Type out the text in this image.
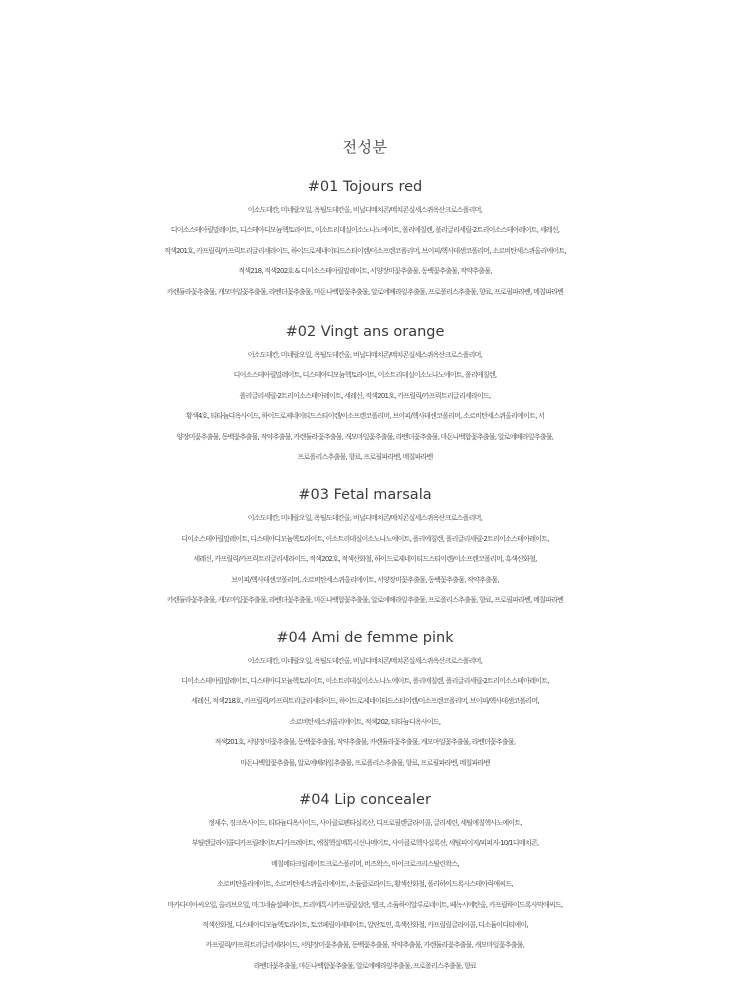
전성분
#01 Tojours red
이소도데칸, 미네랄오일, 옥틸도데칸올, 비닐디메치콘/메치콘실세스퀴옥산크로스폴리머,
디이소스테아릴말레이트, 디스테아디모늄헥토라이트, 이소트리데실이소노나노에이트, 폴리에칠렌, 폴리글리세릴-2트리이소스테아레이트, 세레신,
적색201호, 카프릴릭/카프릭트리글리세라이드, 하이드로제네이티드스티이렌/이소프렌코폴리머, 브이피/헥사데센코폴리머, 소르비탄세스퀴올리에이트,
적색218, 적색202호 & 디이소스테아릴말레이트, 서양장미꽃추출물, 동백꽃추출물, 작약추출물,
카렌듈라꽃추출물, 캐모마일꽃추출물, 라벤더꽃추출물, 마돈나백합꽃추출물, 알로에베라잎추출물, 프로폴리스추출물, 향료, 프로필파라벤, 메칠파라벤
#02 Vingt ans orange
이소도데칸, 미네랄오일, 옥틸도데칸올, 비닐디메치콘/메치콘실세스퀴옥산크로스폴리머,
디이소스테아릴말레이트, 디스테아디모늄헥토라이트, 이소트리데실이소노나노에이트, 폴리에칠렌,
폴리글리세릴-2트리이소스테아레이트, 세레신, 적색201호, 카프릴릭/카프릭트리글리세라이드,
황색4호, 티타늄디옥사이드, 하이드로제네이티드스티이렌/이소프렌코폴리머, 브이피/헥사데센코폴리머, 소르비탄세스퀴올리에이트, 서
양장미꽃추출물, 동백꽃추출물, 작약추출물, 카렌듈라꽃추출물, 캐모마일꽃추출물, 라벤더꽃추출물, 마돈나백합꽃추출물, 알로에베라잎추출물,
프로폴리스추출물, 향료, 프로필파라벤, 메칠파라벤
#03 Fetal marsala
이소도데칸, 미네랄오일, 옥틸도데칸올, 비닐디메치콘/메치콘실세스퀴옥산크로스폴리머,
디이소스테아릴말레이트, 디스테아디모늄헥토라이트, 이소트리데실이소노나노에이트, 폴리에칠렌, 폴리글리세릴-2트리이소스테아레이트,
세레신, 카프릴릭/카프릭트리글리세라이드, 적색202호, 적색산화철, 하이드로제네이티드스티이렌/이소프렌코폴리머, 흑색산화철,
브이피/헥사데센코폴리머, 소르비탄세스퀴올리에이트, 서양장미꽃추출물, 동백꽃추출물, 작약추출물,
카렌듈라꽃추출물, 캐모마일꽃추출물, 라벤더꽃추출물, 마돈나백합꽃추출물, 알로에베라잎추출물, 프로폴리스추출물, 향료, 프로필파라벤, 메칠파라벤
#04 Ami de femme pink
이소도데칸, 미네랄오일, 옥틸도데칸올, 비닐디메치콘/메치콘실세스퀴옥산크로스폴리머,
디이소스테아릴말레이트, 디스테아디모늄헥토라이트, 이소트리데실이소노나노에이트, 폴리에칠렌, 폴리글리세릴-2트리이소스테아레이트,
세레신, 적색218호, 카프릴릭/카프릭트리글리세라이드, 하이드로제네이티드스티이렌/이소프렌코폴리머, 브이피/헥사데센코폴리머,
소르비탄세스퀴올리에이트, 적색202, 티타늄디옥사이드,
적색201호, 서양장미꽃추출물, 동백꽃추출물, 작약추출물, 카렌듈라꽃추출물, 캐모마일꽃추출물, 라벤더꽃추출물,
마돈나백합꽃추출물, 알로에베라잎추출물, 프로폴리스추출물, 향료, 프로필파라벤, 메칠파라벤
#04 Lip concealer
정제수, 징크옥사이드, 티타늄디옥사이드, 사이클로펜타실록산, 디프로필렌글라이콜, 글리세린, 세틸에칠헥사노에이트,
부틸렌글라이콜디카프릴레이트/디카프레이트, 에칠헥실메톡시신나메이트, 사이클로헥사실록산, 세틸피이지/피피지-10/1디메치콘,
메칠메타크릴레이트크로스폴리머, 비즈왁스, 마이크로크리스탈린왁스,
소르비탄올리에이트, 소르비탄세스퀴올리에이트, 소듐클로라이드, 황색산화철, 폴리하이드록시스테아릭애씨드,
마카다미아씨오일, 올리브오일, 마그네슘설페이트, 트리에톡시카프릴릴실란, 탤크, 소듐하이알루로네이트, 페녹시에탄올, 카프릴하이드록사믹애씨드,
적색산화철, 디스테아디모늄헥토라이트, 토코페릴아세테이트, 알란토인, 흑색산화철, 카프릴릴글라이콜, 디소듐이디티에이,
카프릴릭/카프릭트리글리세라이드, 서양장미꽃추출물, 동백꽃추출물, 작약추출물, 카렌듈라꽃추출물, 캐모마일꽃추출물,
라벤더꽃추출물, 마돈나백합꽃추출물, 알로에베라잎추출물, 프로폴리스추출물, 향료
